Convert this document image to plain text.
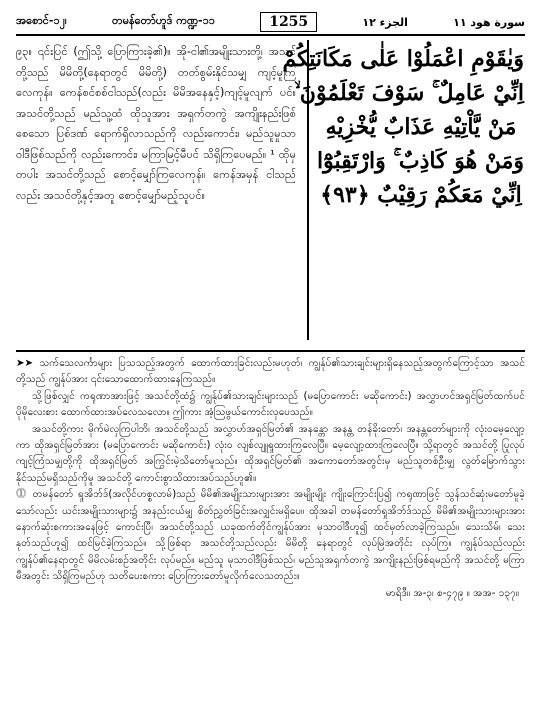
အစောင်-၁၂၊	တမန်တော်ဟူဒ် ကဏ္ဍ-၁၁	1255	الجزء ١٢	سورة هود ١١

၉၃။ ၎င်းပြင် (ဤသို့ ပြောကြားခဲ့၏)။ အို-ငါ၏အမျိုးသားတို့၊ အသင်တို့သည် မိမိတို့(နေရာတွင် မိမိတို့) တတ်စွမ်းနိုင်သမျှ ကျင့်မူကြလေကုန်။ ကေန်စင်စစ်ငါသည်(လည်း မိမိအနေနှင့်)ကျင့်မူလျက် ပင်။ အသင်တို့သည် မည်သူ့ထံ ထိုသူအား အရှက်တကွဲ အကျိုးနည်းဖြစ်စေသော ပြစ်ဒဏ် ရောက်ရှိလာသည်ကို လည်းကောင်း၊ မည်သူမှုသာ ဝါဒီဖြစ်သည်ကို လည်းကောင်း၊ မကြာမြင့်မီပင် သိရှိကြပေမည်။ ¹ ထိုမှတပါး အသင်တို့သည် စောင့်မျှော်ကြလေကုန်။ ကေန်အမှန် ငါသည်လည်း အသင်တို့နှင့်အတူ စောင့်မျှော်မည့်သူပင်။

وَيٰقَوْمِ اعْمَلُوْا عَلٰى مَكَانَتِكُمْ
اِنِّيْ عَامِلٌ ۚ سَوْفَ تَعْلَمُوْنَ ۙ
مَنْ يَّاْتِيْهِ عَذَابٌ يُّخْزِيْهِ
وَمَنْ هُوَ كَاذِبٌ ۚ وَارْتَقِبُوْٓا
اِنِّيْ مَعَكُمْ رَقِيْبٌ ﴿٩٣﴾

➤➤ သက်သေလင်္ကာများ ပြသသည့်အတွက် ထောက်ထားခြင်းလည်းမဟုတ်၊ ကျွန်ုပ်၏သားချင်းများရှိနေသည့်အတွက်ကြောင့်သာ အသင်တို့သည် ကျွန်ုပ်အား ၎င်းသောထောက်ထားနေကြသည်။

သို့ဖြစ်လျှင် ကရုဏာအားဖြင့် အသင်တို့ထံ၌ ကျွန်ုပ်၏သားချင်းများသည် (မပြောကောင်း မဆိုကောင်း) အလွှာဟင်အရှင်မြတ်ထက်ပင် ပိုမိုလေးစား ထောက်ထားအပ်လေသလော။ ဤကား အံ့သြဖွယ်ကောင်းလှပေသည်။

အသင်တို့ကား မိုက်မဲလှကြပါဘိ၊ အသင်တို့သည် အလွှာဟ်အရှင်မြတ်၏ အနန္တော အနန္တ တန်ခိုးတော်၊ အနန္တတော်များကို လုံးဝမေ့လျော့ကာ ထိုအရှင်မြတ်အား (မပြောကောင်း မဆိုကောင်း) လုံးဝ လျစ်လျူရှုထားကြလေပြီ။ မေ့လျော့ထားကြလေပြီ။ သို့ရာတွင် အသင်တို့ ပြုလုပ် ကျင့်ကြံသမျှတို့ကို ထိုအရှင်မြတ် အကြွင်းမဲ့သိတော်မူသည်။ ထိုအရှင်မြတ်၏ အကောတော်အတွင်းမှ မည်သူတစ်ဦးမျှ လွတ်မြောက်သွားနိုင်သည်မရှိသည်ကိုမူ အသင်တို့ ကောင်းစွာသိထားအပ်သည်ဟူ၏။

⓵ တမန်တော် ရှုအိဘ်ဒ်(အလိုင်ဟစ္စလာမ်)သည် မိမိ၏အမျိုးသားများအား အမျိုးမျိုး ကျိုးကြောင်းပြ၍ ကရုဏာဖြင့် သွန်သင်ဆုံးမတော်မူခဲ့သော်လည်း ယင်းအမျိုးသားများ၌ အနည်းငယ်မျှ စိတ်ညွှတ်ခြင်းအလျှင်းမရှိပေ။ ထိုအခါ တမန်တော်ရှုအိဘ်ဒ်သည် မိမိ၏အမျိုးသားများအား နောက်ဆုံးစကားအနေဖြင့် ကောင်းပြီ၊ အသင်တို့သည် ယခုထက်တိုင်ကျွန်ုပ်အား မုသာဝါဒီဟူ၍ ထင်မှတ်လာခဲ့ကြသည်။ သေးသိမ်၊ သေးနုတ်သည်ဟူ၍ ထင်မြင်ခဲ့ကြသည်။ သို့ဖြစ်ရာ အသင်တို့သည်လည်း မိမိတို့ နေရာတွင် လုပ်မြဲအတိုင်း လုပ်ကြ။ ကျွန်ုပ်သည်လည်း ကျွန်ုပ်၏နေရာတွင် မိမိလမ်းစဉ်အတိုင်း လုပ်မည်။ မည်သူ မုသာဝါဒီဖြစ်သည်၊ မည်သူအရှက်တကွဲ အကျိုးနည်းဖြစ်ရမည်ကို အသင်တို့ မကြာမီအတွင်း သိရှိကြမည်ဟု သတိပေးစကား ပြောကြားတော်မူလိုက်လေသတည်း။

မာရိဒီ။ အ-၃၊ စ-၄၇၉ ။ အအ- ၁၃၇။
